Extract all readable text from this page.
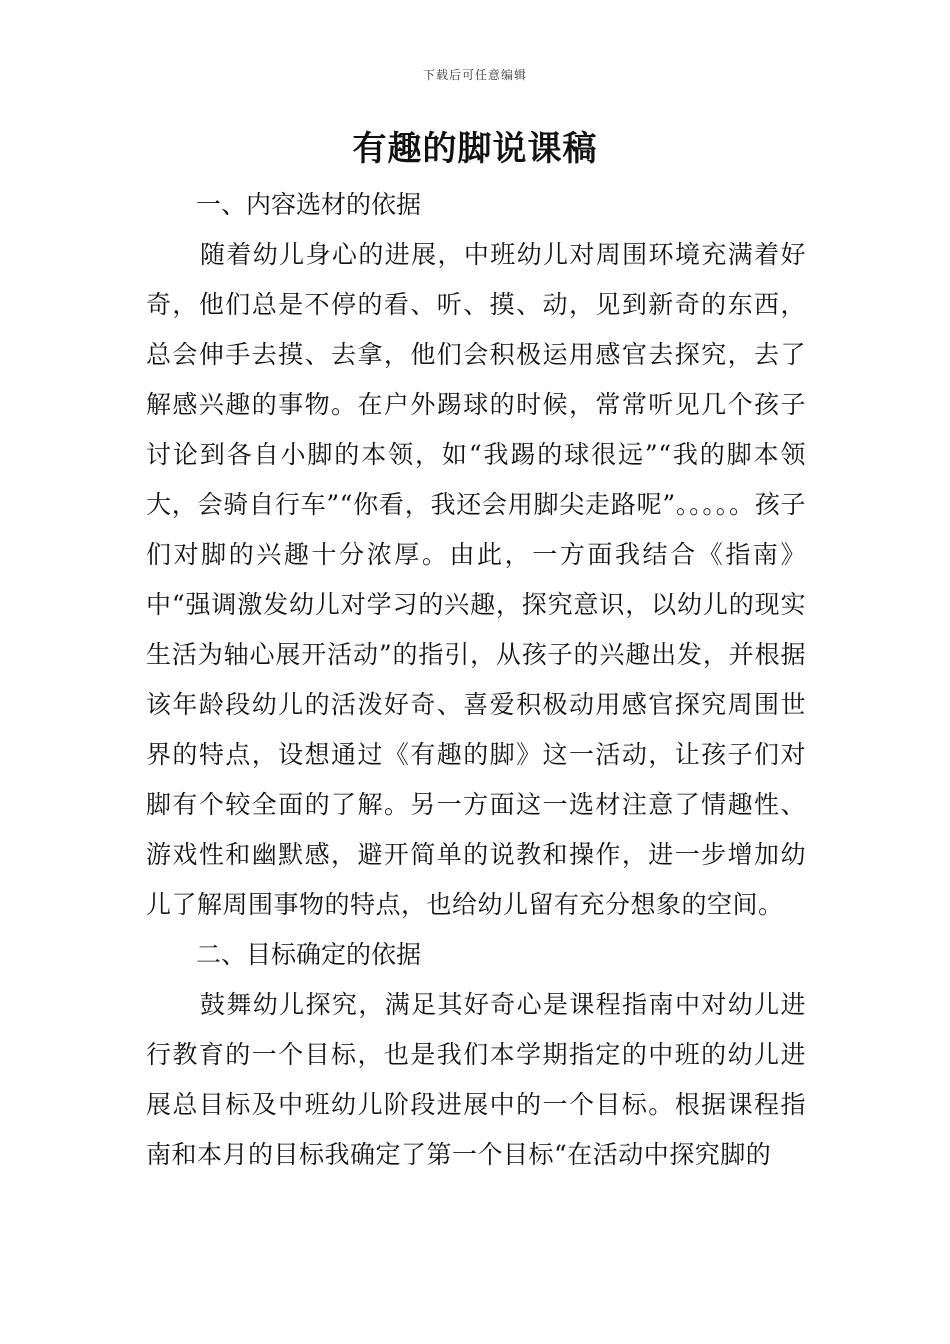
下载后可任意编辑
有趣的脚说课稿
一、内容选材的依据

随着幼儿身心的进展，中班幼儿对周围环境充满着好奇，他们总是不停的看、听、摸、动，见到新奇的东西，总会伸手去摸、去拿，他们会积极运用感官去探究，去了解感兴趣的事物。在户外踢球的时候，常常听见几个孩子讨论到各自小脚的本领，如“我踢的球很远”“我的脚本领大，会骑自行车”“你看，我还会用脚尖走路呢”。。。。。孩子们对脚的兴趣十分浓厚。由此，一方面我结合《指南》中“强调激发幼儿对学习的兴趣，探究意识，以幼儿的现实生活为轴心展开活动”的指引，从孩子的兴趣出发，并根据该年龄段幼儿的活泼好奇、喜爱积极动用感官探究周围世界的特点，设想通过《有趣的脚》这一活动，让孩子们对脚有个较全面的了解。另一方面这一选材注意了情趣性、游戏性和幽默感，避开简单的说教和操作，进一步增加幼儿了解周围事物的特点，也给幼儿留有充分想象的空间。

二、目标确定的依据

鼓舞幼儿探究，满足其好奇心是课程指南中对幼儿进行教育的一个目标，也是我们本学期指定的中班的幼儿进展总目标及中班幼儿阶段进展中的一个目标。根据课程指南和本月的目标我确定了第一个目标“在活动中探究脚的
